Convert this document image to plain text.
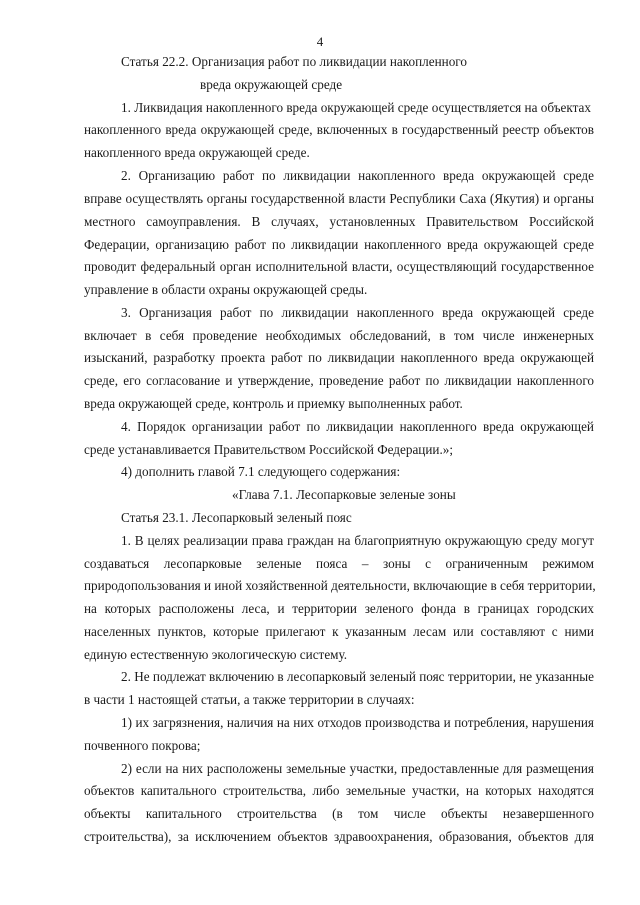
4
Статья 22.2. Организация работ по ликвидации накопленного
вреда окружающей среде
1. Ликвидация накопленного вреда окружающей среде осуществляется на объектах
накопленного вреда окружающей среде, включенных в государственный реестр объектов
накопленного вреда окружающей среде.
2. Организацию работ по ликвидации накопленного вреда окружающей среде
вправе осуществлять органы государственной власти Республики Саха (Якутия) и органы
местного самоуправления. В случаях, установленных Правительством Российской
Федерации, организацию работ по ликвидации накопленного вреда окружающей среде
проводит федеральный орган исполнительной власти, осуществляющий государственное
управление в области охраны окружающей среды.
3. Организация работ по ликвидации накопленного вреда окружающей среде
включает в себя проведение необходимых обследований, в том числе инженерных
изысканий, разработку проекта работ по ликвидации накопленного вреда окружающей
среде, его согласование и утверждение, проведение работ по ликвидации накопленного
вреда окружающей среде, контроль и приемку выполненных работ.
4. Порядок организации работ по ликвидации накопленного вреда окружающей
среде устанавливается Правительством Российской Федерации.»;
4) дополнить главой 7.1 следующего содержания:
«Глава 7.1. Лесопарковые зеленые зоны
Статья 23.1. Лесопарковый зеленый пояс
1. В целях реализации права граждан на благоприятную окружающую среду могут
создаваться лесопарковые зеленые пояса – зоны с ограниченным режимом
природопользования и иной хозяйственной деятельности, включающие в себя территории,
на которых расположены леса, и территории зеленого фонда в границах городских
населенных пунктов, которые прилегают к указанным лесам или составляют с ними
единую естественную экологическую систему.
2. Не подлежат включению в лесопарковый зеленый пояс территории, не указанные
в части 1 настоящей статьи, а также территории в случаях:
1) их загрязнения, наличия на них отходов производства и потребления, нарушения
почвенного покрова;
2) если на них расположены земельные участки, предоставленные для размещения
объектов капитального строительства, либо земельные участки, на которых находятся
объекты капитального строительства (в том числе объекты незавершенного
строительства), за исключением объектов здравоохранения, образования, объектов для
